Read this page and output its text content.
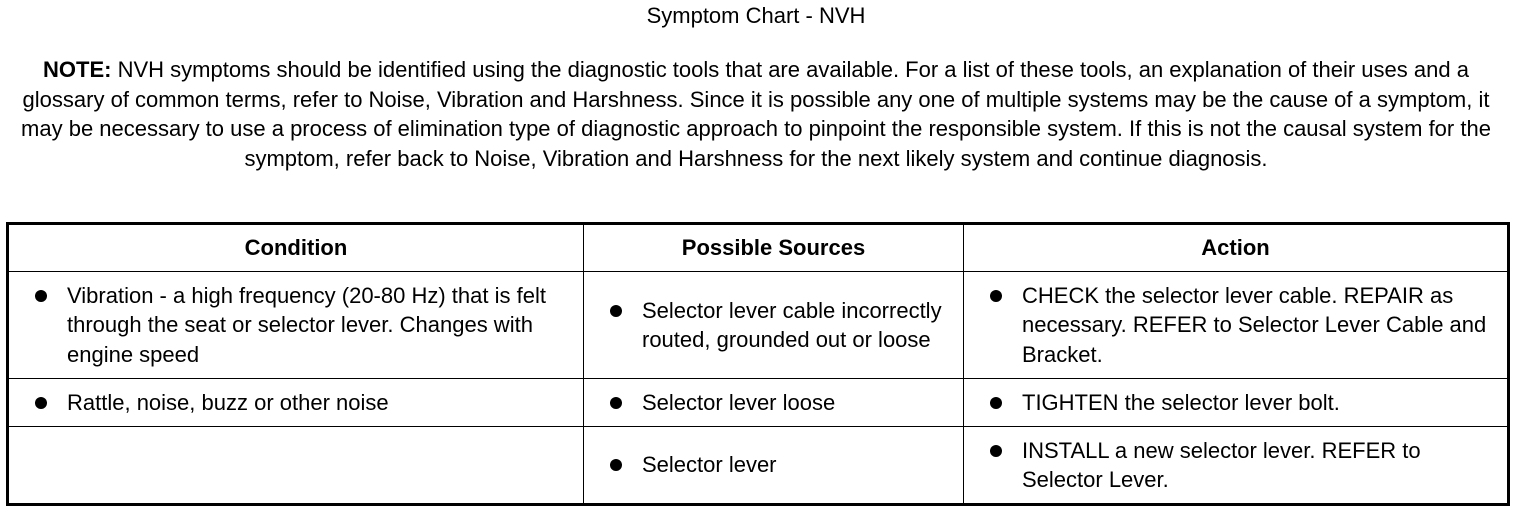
Symptom Chart - NVH
NOTE: NVH symptoms should be identified using the diagnostic tools that are available. For a list of these tools, an explanation of their uses and a glossary of common terms, refer to Noise, Vibration and Harshness. Since it is possible any one of multiple systems may be the cause of a symptom, it may be necessary to use a process of elimination type of diagnostic approach to pinpoint the responsible system. If this is not the causal system for the symptom, refer back to Noise, Vibration and Harshness for the next likely system and continue diagnosis.
Condition	Possible Sources	Action

Vibration - a high frequency (20-80 Hz) that is felt through the seat or selector lever. Changes with engine speed	Selector lever cable incorrectly routed, grounded out or loose	CHECK the selector lever cable. REPAIR as necessary. REFER to Selector Lever Cable and Bracket.

Rattle, noise, buzz or other noise	Selector lever loose	TIGHTEN the selector lever bolt.

	Selector lever	INSTALL a new selector lever. REFER to Selector Lever.
